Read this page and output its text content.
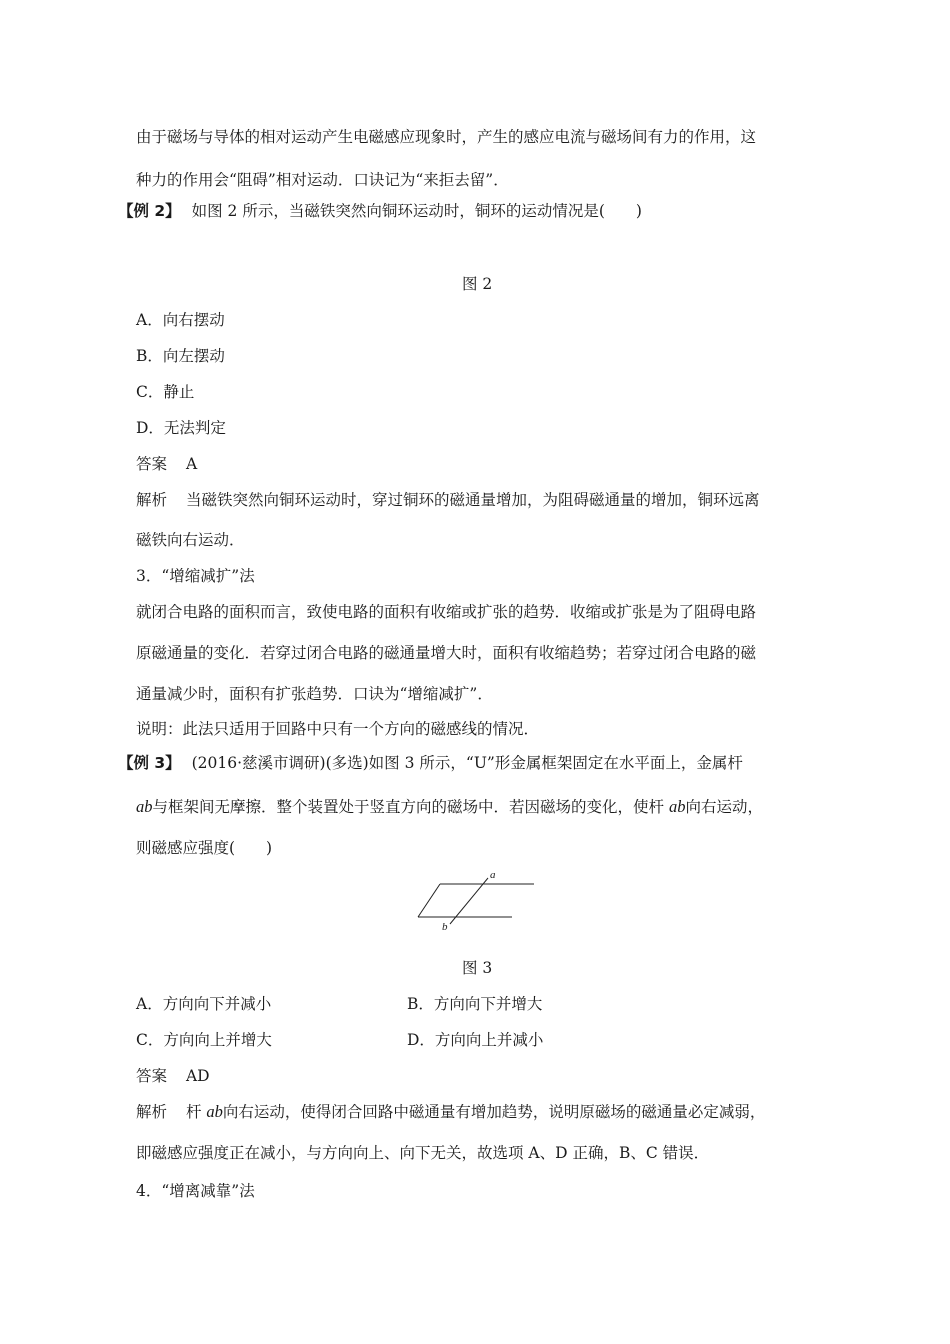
由于磁场与导体的相对运动产生电磁感应现象时，产生的感应电流与磁场间有力的作用，这
种力的作用会“阻碍”相对运动．口诀记为“来拒去留”．
【例 2】 如图 2 所示，当磁铁突然向铜环运动时，铜环的运动情况是(　　)
图 2
A．向右摆动
B．向左摆动
C．静止
D．无法判定
答案 A
解析 当磁铁突然向铜环运动时，穿过铜环的磁通量增加，为阻碍磁通量的增加，铜环远离
磁铁向右运动．
3．“增缩减扩”法
就闭合电路的面积而言，致使电路的面积有收缩或扩张的趋势．收缩或扩张是为了阻碍电路
原磁通量的变化．若穿过闭合电路的磁通量增大时，面积有收缩趋势；若穿过闭合电路的磁
通量减少时，面积有扩张趋势．口诀为“增缩减扩”．
说明：此法只适用于回路中只有一个方向的磁感线的情况．
【例 3】 (2016·慈溪市调研)(多选)如图 3 所示，“U”形金属框架固定在水平面上，金属杆
ab与框架间无摩擦．整个装置处于竖直方向的磁场中．若因磁场的变化，使杆 ab向右运动，
则磁感应强度(　　)
a
b
图 3
A．方向向下并减小	B．方向向下并增大
C．方向向上并增大	D．方向向上并减小
答案 AD
解析 杆 ab向右运动，使得闭合回路中磁通量有增加趋势，说明原磁场的磁通量必定减弱，
即磁感应强度正在减小，与方向向上、向下无关，故选项 A、D 正确，B、C 错误．
4．“增离减靠”法
